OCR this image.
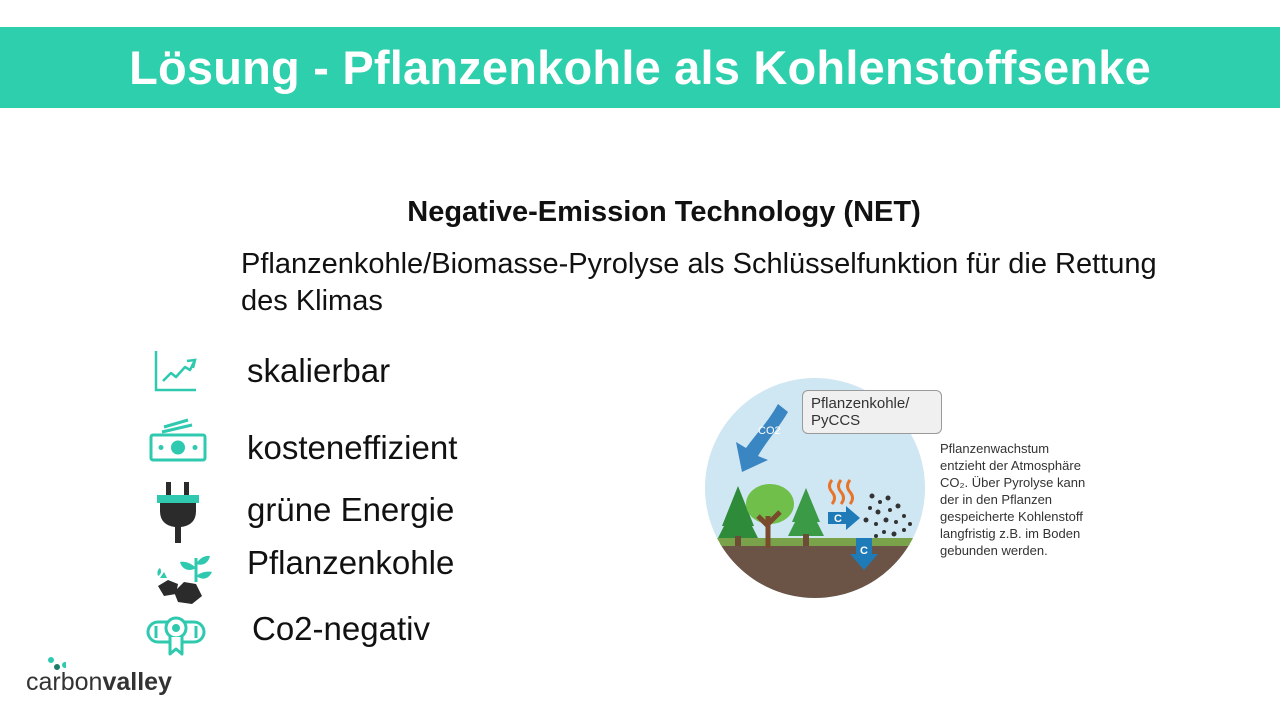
Lösung - Pflanzenkohle als Kohlenstoffsenke
Negative-Emission Technology (NET)
Pflanzenkohle/Biomasse-Pyrolyse als Schlüsselfunktion für die Rettung des Klimas
skalierbar
kosteneffizient
grüne Energie
Pflanzenkohle
Co2-negativ
CO2
C
C
Pflanzenkohle/
PyCCS
Pflanzenwachstum
entzieht der Atmosphäre
CO₂. Über Pyrolyse kann
der in den Pflanzen
gespeicherte Kohlenstoff
langfristig z.B. im Boden
gebunden werden.
carbonvalley
